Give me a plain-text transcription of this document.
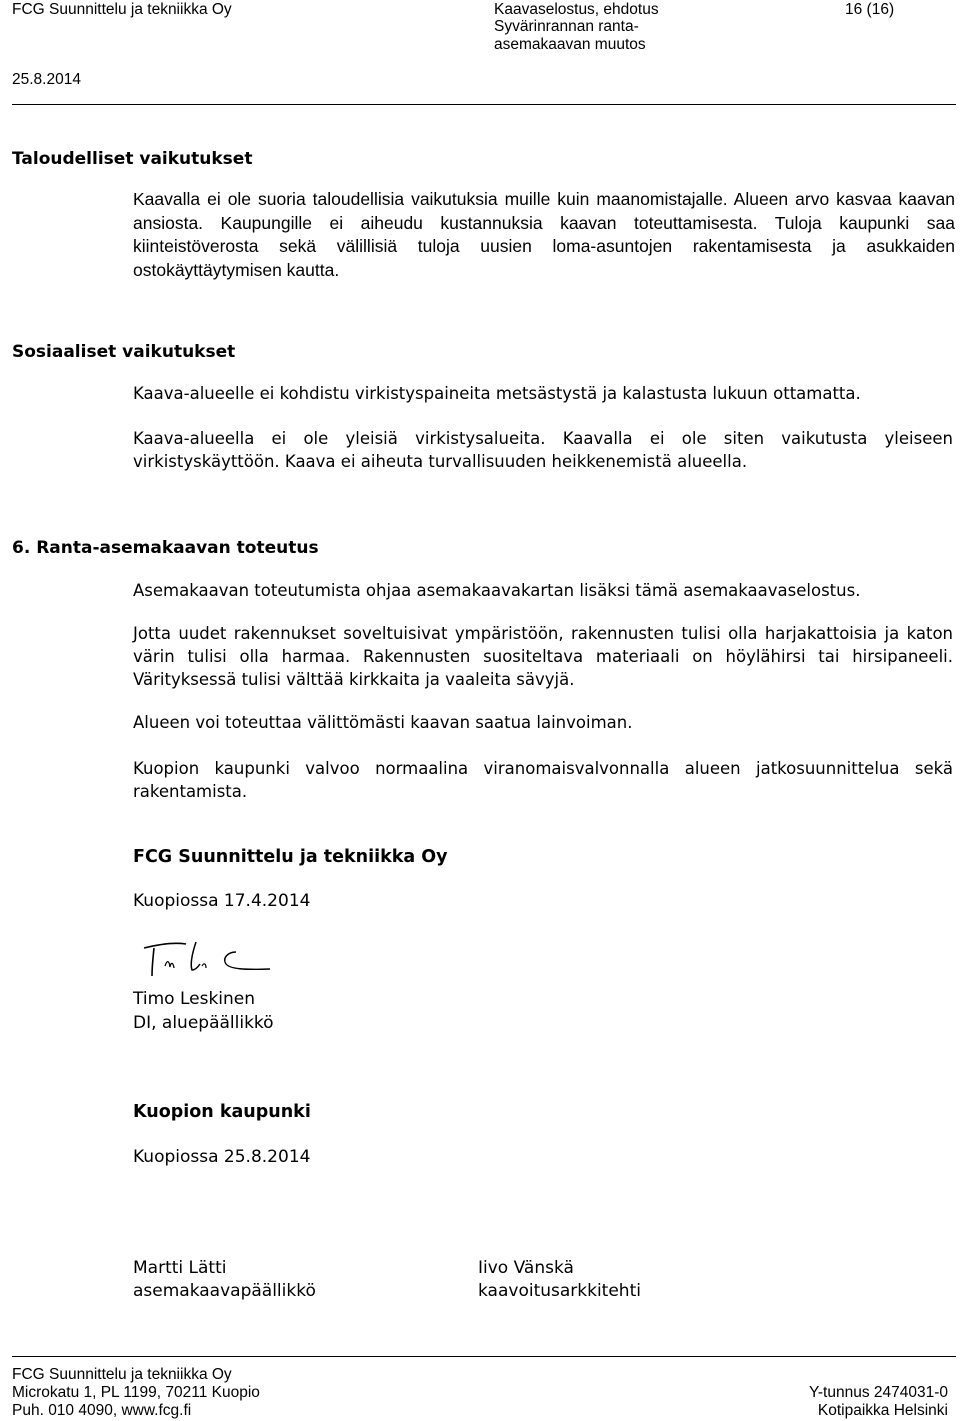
FCG Suunnittelu ja tekniikka Oy	Kaavaselostus, ehdotus
Syvärinrannan ranta-
asemakaavan muutos
16 (16)
25.8.2014
Taloudelliset vaikutukset
Kaavalla ei ole suoria taloudellisia vaikutuksia muille kuin maanomistajalle. Alueen arvo kasvaa kaavan ansiosta. Kaupungille ei aiheudu kustannuksia kaavan toteuttamisesta. Tuloja kaupunki saa kiinteistöverosta sekä välillisiä tuloja uusien loma-asuntojen rakentamisesta ja asukkaiden ostokäyttäytymisen kautta.
Sosiaaliset vaikutukset
Kaava-alueelle ei kohdistu virkistyspaineita metsästystä ja kalastusta lukuun ottamatta.
Kaava-alueella ei ole yleisiä virkistysalueita. Kaavalla ei ole siten vaikutusta yleiseen virkistyskäyttöön. Kaava ei aiheuta turvallisuuden heikkenemistä alueella.
6. Ranta-asemakaavan toteutus
Asemakaavan toteutumista ohjaa asemakaavakartan lisäksi tämä asemakaavaselostus.
Jotta uudet rakennukset soveltuisivat ympäristöön, rakennusten tulisi olla harjakattoisia ja katon värin tulisi olla harmaa. Rakennusten suositeltava materiaali on höylähirsi tai hirsipaneeli. Värityksessä tulisi välttää kirkkaita ja vaaleita sävyjä.
Alueen voi toteuttaa välittömästi kaavan saatua lainvoiman.
Kuopion kaupunki valvoo normaalina viranomaisvalvonnalla alueen jatkosuunnittelua sekä rakentamista.
FCG Suunnittelu ja tekniikka Oy
Kuopiossa 17.4.2014
Timo Leskinen
DI, aluepäällikkö
Kuopion kaupunki
Kuopiossa 25.8.2014
Martti Lätti
asemakaavapäällikkö
Iivo Vänskä
kaavoitusarkkitehti
FCG Suunnittelu ja tekniikka Oy
Microkatu 1, PL 1199, 70211 Kuopio
Puh. 010 4090, www.fcg.fi
Y-tunnus 2474031-0
Kotipaikka Helsinki
